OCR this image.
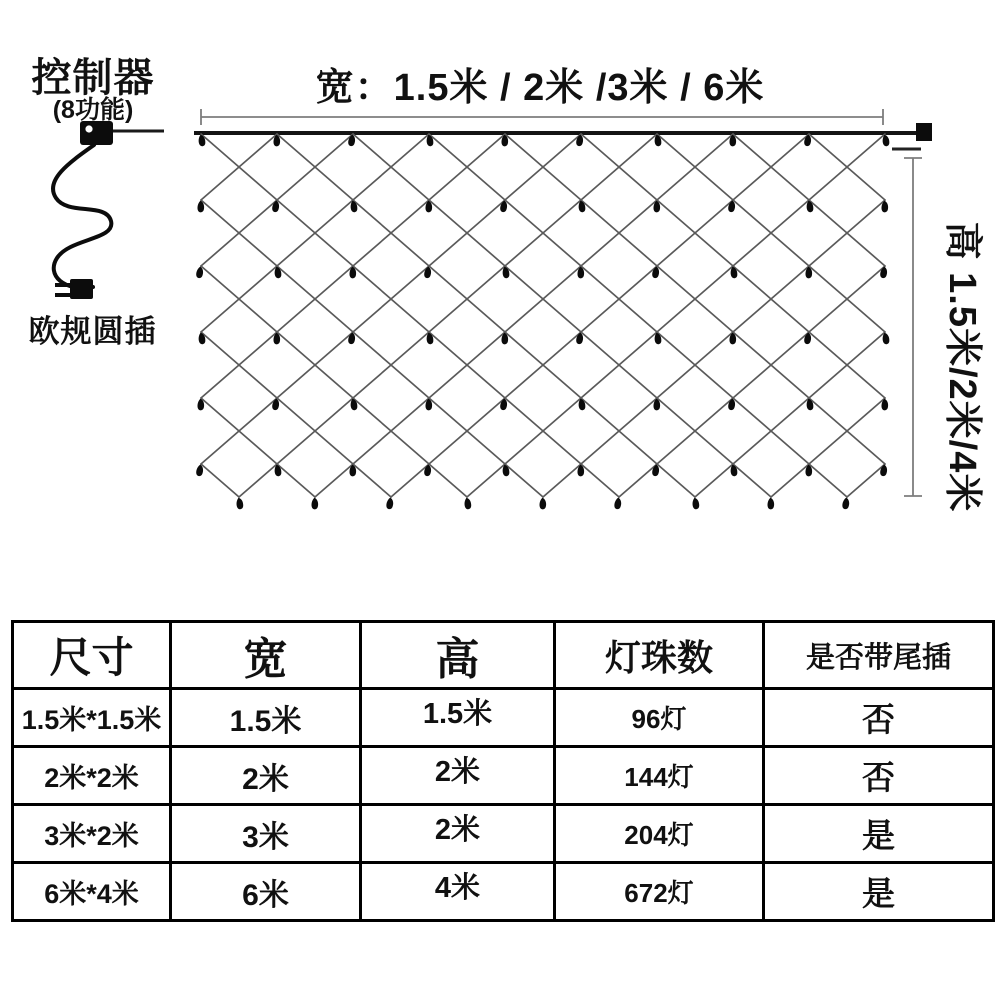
控制器
(8功能)
欧规圆插
宽：1.5米 / 2米 /3米 / 6米
高 1.5米/2米/4米
尺寸	宽	高	灯珠数	是否带尾插
1.5米*1.5米	1.5米	1.5米	96灯	否
2米*2米	2米	2米	144灯	否
3米*2米	3米	2米	204灯	是
6米*4米	6米	4米	672灯	是
